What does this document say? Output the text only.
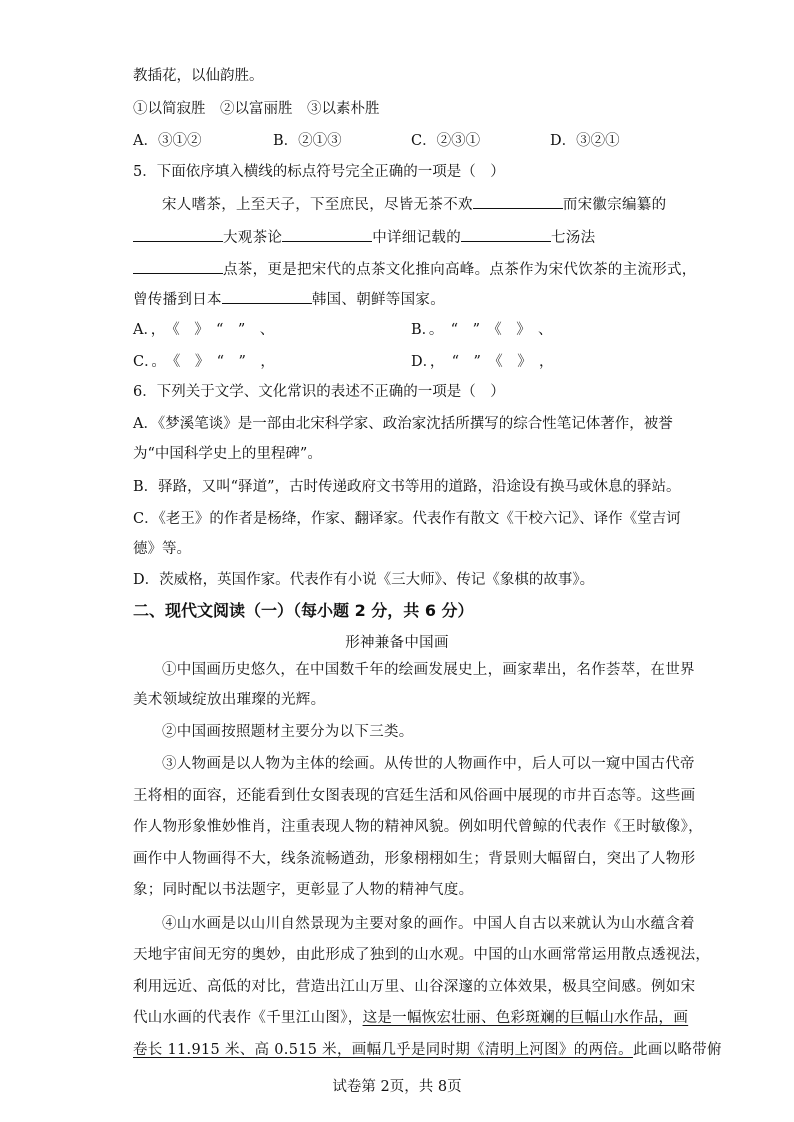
教插花，以仙韵胜。
①以简寂胜　②以富丽胜　③以素朴胜
A．③①②	B．②①③	C．②③①	D．③②①
5．下面依序填入横线的标点符号完全正确的一项是（　）
宋人嗜茶，上至天子，下至庶民，尽皆无茶不欢	而宋徽宗编纂的
大观茶论	中详细记载的	七汤法
点茶，更是把宋代的点茶文化推向高峰。点茶作为宋代饮茶的主流形式，
曾传播到日本	韩国、朝鲜等国家。
A．，　《　》　“　”　、	B．。　“　”　《　》　、
C．。　《　》　“　”　，	D．，　“　”　《　》　，
6．下列关于文学、文化常识的表述不正确的一项是（　）
A．《梦溪笔谈》是一部由北宋科学家、政治家沈括所撰写的综合性笔记体著作，被誉
为“中国科学史上的里程碑”。
B．驿路，又叫“驿道”，古时传递政府文书等用的道路，沿途设有换马或休息的驿站。
C．《老王》的作者是杨绛，作家、翻译家。代表作有散文《干校六记》、译作《堂吉诃
德》等。
D．茨威格，英国作家。代表作有小说《三大师》、传记《象棋的故事》。
二、现代文阅读（一）（每小题 2 分，共 6 分）
形神兼备中国画
①中国画历史悠久，在中国数千年的绘画发展史上，画家辈出，名作荟萃，在世界
美术领域绽放出璀璨的光辉。
②中国画按照题材主要分为以下三类。
③人物画是以人物为主体的绘画。从传世的人物画作中，后人可以一窥中国古代帝
王将相的面容，还能看到仕女图表现的宫廷生活和风俗画中展现的市井百态等。这些画
作人物形象惟妙惟肖，注重表现人物的精神风貌。例如明代曾鲸的代表作《王时敏像》，
画作中人物画得不大，线条流畅遒劲，形象栩栩如生；背景则大幅留白，突出了人物形
象；同时配以书法题字，更彰显了人物的精神气度。
④山水画是以山川自然景现为主要对象的画作。中国人自古以来就认为山水蕴含着
天地宇宙间无穷的奥妙，由此形成了独到的山水观。中国的山水画常常运用散点透视法，
利用远近、高低的对比，营造出江山万里、山谷深邃的立体效果，极具空间感。例如宋
代山水画的代表作《千里江山图》，这是一幅恢宏壮丽、色彩斑斓的巨幅山水作品，画
卷长 11.915 米、高 0.515 米，画幅几乎是同时期《清明上河图》的两倍。此画以略带俯
试卷第 2页，共 8页
